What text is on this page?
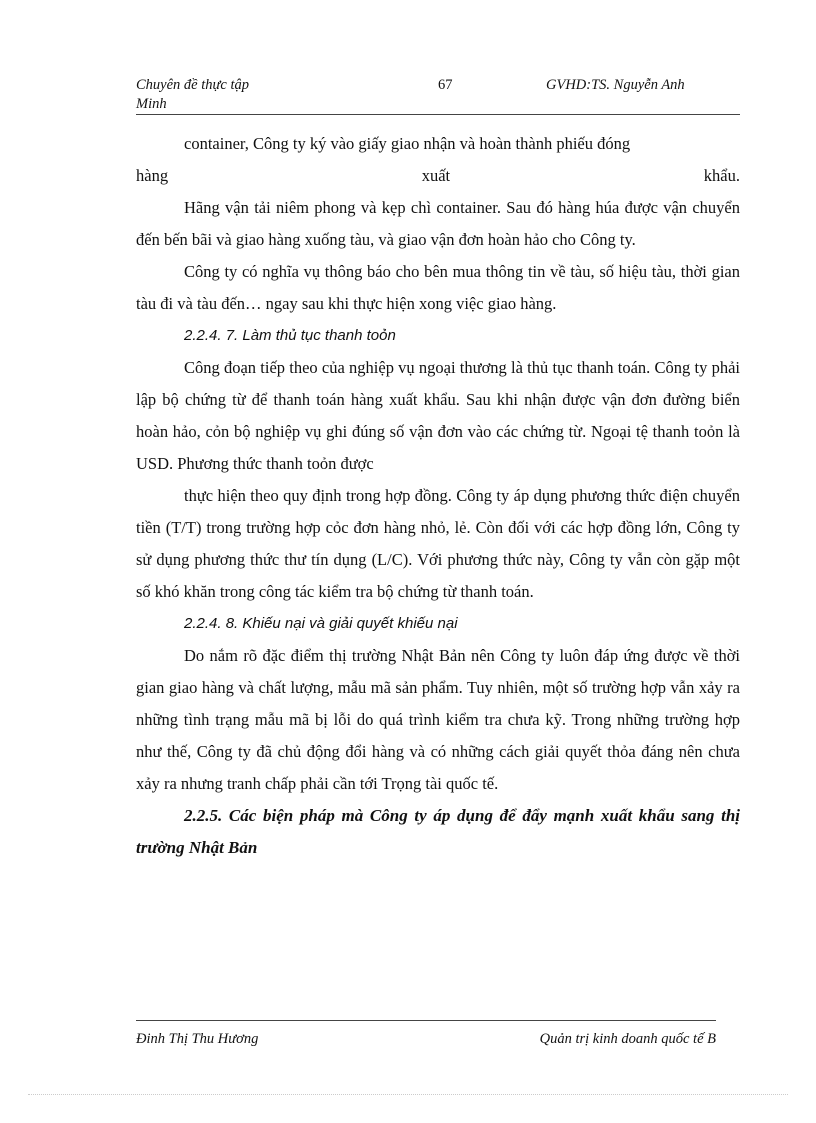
Chuyên đề thực tập	67	GVHD:TS. Nguyễn Anh
Minh

container, Công ty ký vào giấy giao nhận và hoàn thành phiếu đóng

hàng xuất khẩu.

Hãng vận tải niêm phong và kẹp chì container. Sau đó hàng húa được vận chuyển đến bến bãi và giao hàng xuống tàu, và giao vận đơn hoàn hảo cho Công ty.

Công ty có nghĩa vụ thông báo cho bên mua thông tin về tàu, số hiệu tàu, thời gian tàu đi và tàu đến… ngay sau khi thực hiện xong việc giao hàng.

2.2.4. 7. Làm thủ tục thanh toỏn

Công đoạn tiếp theo của nghiệp vụ ngoại thương là thủ tục thanh toán. Công ty phải lập bộ chứng từ để thanh toán hàng xuất khẩu. Sau khi nhận được vận đơn đường biển hoàn hảo, cỏn bộ nghiệp vụ ghi đúng số vận đơn vào các chứng từ. Ngoại tệ thanh toỏn là USD. Phương thức thanh toỏn được

thực hiện theo quy định trong hợp đồng. Công ty áp dụng phương thức điện chuyển tiền (T/T) trong trường hợp cỏc đơn hàng nhỏ, lẻ. Còn đối với các hợp đồng lớn, Công ty sử dụng phương thức thư tín dụng (L/C). Với phương thức này, Công ty vẫn còn gặp một số khó khăn trong công tác kiểm tra bộ chứng từ thanh toán.

2.2.4. 8. Khiếu nại và giải quyết khiếu nại

Do nắm rõ đặc điểm thị trường Nhật Bản nên Công ty luôn đáp ứng được về thời gian giao hàng và chất lượng, mẫu mã sản phẩm. Tuy nhiên, một số trường hợp vẫn xảy ra những tình trạng mẫu mã bị lỗi do quá trình kiểm tra chưa kỹ. Trong những trường hợp như thế, Công ty đã chủ động đổi hàng và có những cách giải quyết thỏa đáng nên chưa xảy ra nhưng tranh chấp phải cần tới Trọng tài quốc tế.

2.2.5. Các biện pháp mà Công ty áp dụng để đẩy mạnh xuất khẩu sang thị trường Nhật Bản

Đinh Thị Thu Hương	Quản trị kinh doanh quốc tế B
